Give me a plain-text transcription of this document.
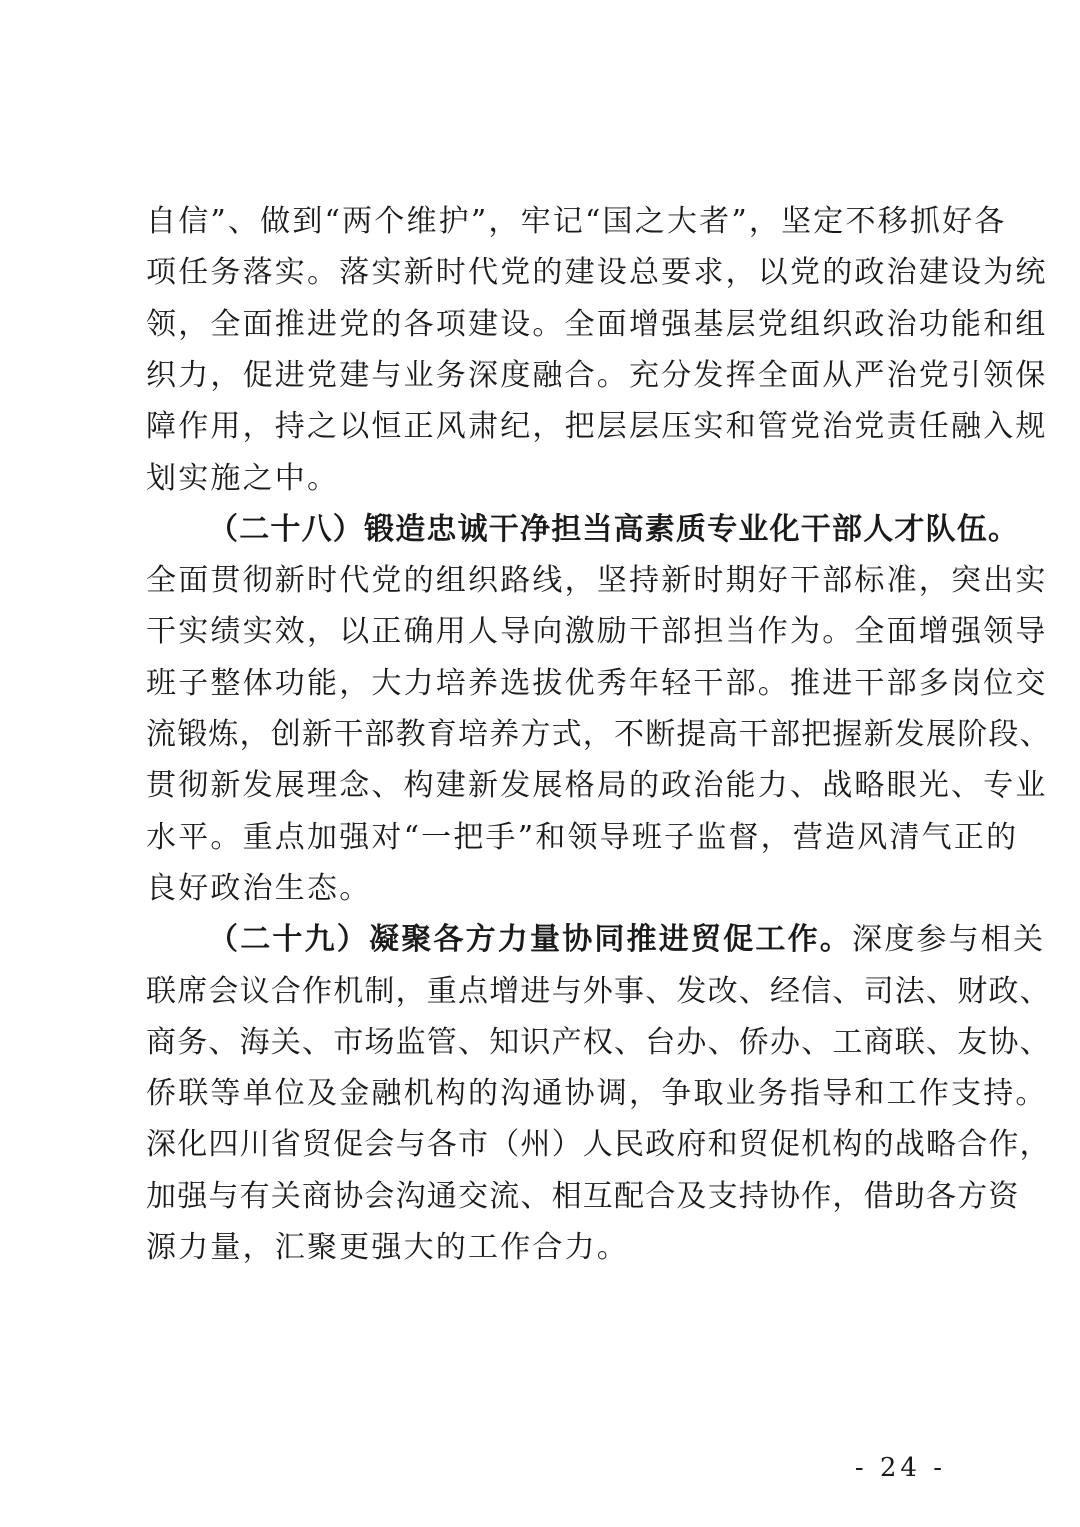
自信”、做到“两个维护”，牢记“国之大者”，坚定不移抓好各
项任务落实。落实新时代党的建设总要求，以党的政治建设为统
领，全面推进党的各项建设。全面增强基层党组织政治功能和组
织力，促进党建与业务深度融合。充分发挥全面从严治党引领保
障作用，持之以恒正风肃纪，把层层压实和管党治党责任融入规
划实施之中。
（二十八）锻造忠诚干净担当高素质专业化干部人才队伍。
全面贯彻新时代党的组织路线，坚持新时期好干部标准，突出实
干实绩实效，以正确用人导向激励干部担当作为。全面增强领导
班子整体功能，大力培养选拔优秀年轻干部。推进干部多岗位交
流锻炼，创新干部教育培养方式，不断提高干部把握新发展阶段、
贯彻新发展理念、构建新发展格局的政治能力、战略眼光、专业
水平。重点加强对“一把手”和领导班子监督，营造风清气正的
良好政治生态。
（二十九）凝聚各方力量协同推进贸促工作。深度参与相关
联席会议合作机制，重点增进与外事、发改、经信、司法、财政、
商务、海关、市场监管、知识产权、台办、侨办、工商联、友协、
侨联等单位及金融机构的沟通协调，争取业务指导和工作支持。
深化四川省贸促会与各市（州）人民政府和贸促机构的战略合作，
加强与有关商协会沟通交流、相互配合及支持协作，借助各方资
源力量，汇聚更强大的工作合力。
- 24 -
